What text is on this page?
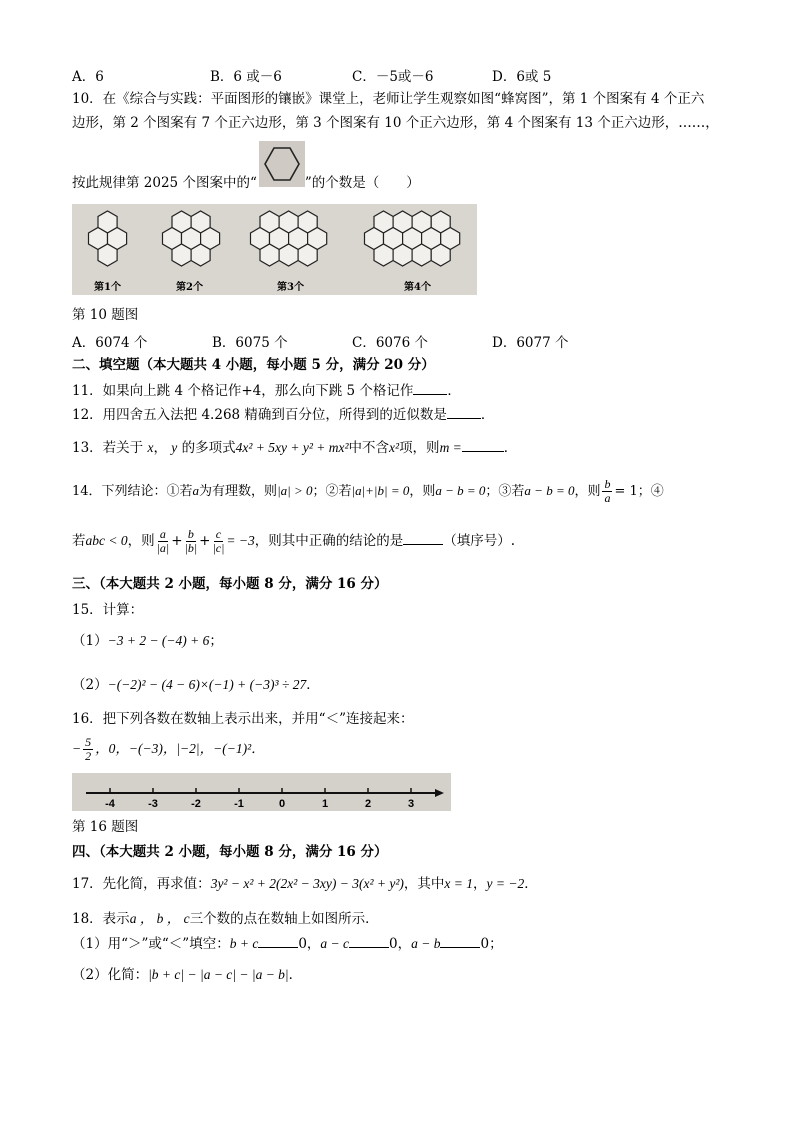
A．6	B．6 或－6	C．－5或－6	D．6或 5
10．在《综合与实践：平面图形的镶嵌》课堂上，老师让学生观察如图“蜂窝图”，第 1 个图案有 4 个正六
边形，第 2 个图案有 7 个正六边形，第 3 个图案有 10 个正六边形，第 4 个图案有 13 个正六边形，……，
按此规律第 2025 个图案中的“	”的个数是（　　）
第1个	第2个	第3个	第4个
第 10 题图
A．6074 个	B．6075 个	C．6076 个	D．6077 个
二、填空题（本大题共 4 小题，每小题 5 分，满分 20 分）
11．如果向上跳 4 个格记作+4，那么向下跳 5 个格记作	．
12．用四舍五入法把 4.268 精确到百分位，所得到的近似数是	．
13．若关于 x， y 的多项式4x² + 5xy + y² + mx²中不含x²项，则m =	．
14．下列结论：①若a为有理数，则|a| > 0；②若|a|+|b| = 0，则a − b = 0；③若a − b = 0，则 $\frac{b}{a} = 1$；④
若abc < 0，则 $\frac{a}{|a|} + \frac{b}{|b|} + \frac{c}{|c|} = -3$，则其中正确的结论的是	（填序号）.
三、（本大题共 2 小题，每小题 8 分，满分 16 分）
15．计算：
（1）−3 + 2 − (−4) + 6；
（2）−(−2)² − (4 − 6)×(−1) + (−3)³ ÷ 27．
16．把下列各数在数轴上表示出来，并用“＜”连接起来：
− $\frac{5}{2}$ ，0，−(−3)，|−2|，−(−1)²．
-4	-3	-2	-1	0	1	2	3
第 16 题图
四、（本大题共 2 小题，每小题 8 分，满分 16 分）
17．先化简，再求值：3y² − x² + 2(2x² − 3xy) − 3(x² + y²)，其中x = 1，y = −2．
18．表示a ， b ， c三个数的点在数轴上如图所示．
（1）用“＞”或“＜”填空：b + c	0，a − c	0，a − b	0；
（2）化简：|b + c| − |a − c| − |a − b|．
